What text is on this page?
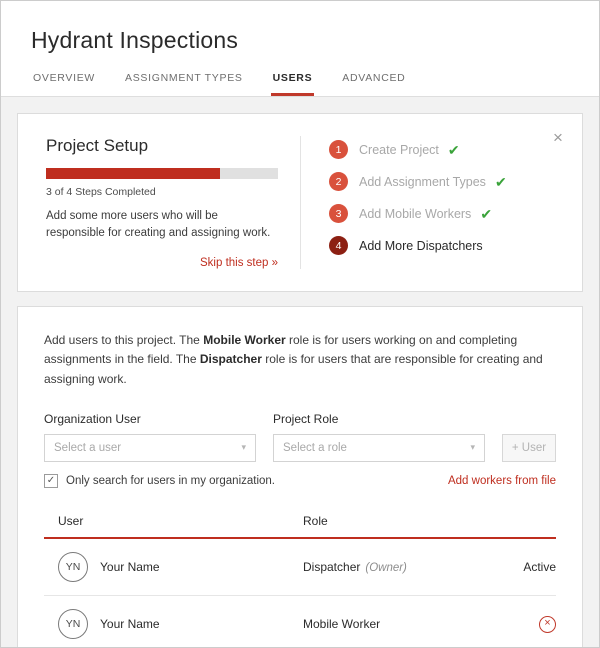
Hydrant Inspections
OVERVIEW	ASSIGNMENT TYPES	USERS	ADVANCED
×
Project Setup
3 of 4 Steps Completed

Add some more users who will be responsible for creating and assigning work.

Skip this step »
1	Create Project ✔
2	Add Assignment Types ✔
3	Add Mobile Workers ✔
4	Add More Dispatchers

Add users to this project. The Mobile Worker role is for users working on and completing assignments in the field. The Dispatcher role is for users that are responsible for creating and assigning work.

Organization User
Select a user	▾
Project Role
Select a role	▾	+ User
✓ Only search for users in my organization.	Add workers from file
User	Role	

YN Your Name	Dispatcher (Owner)	Active

YN Your Name	Mobile Worker	×
